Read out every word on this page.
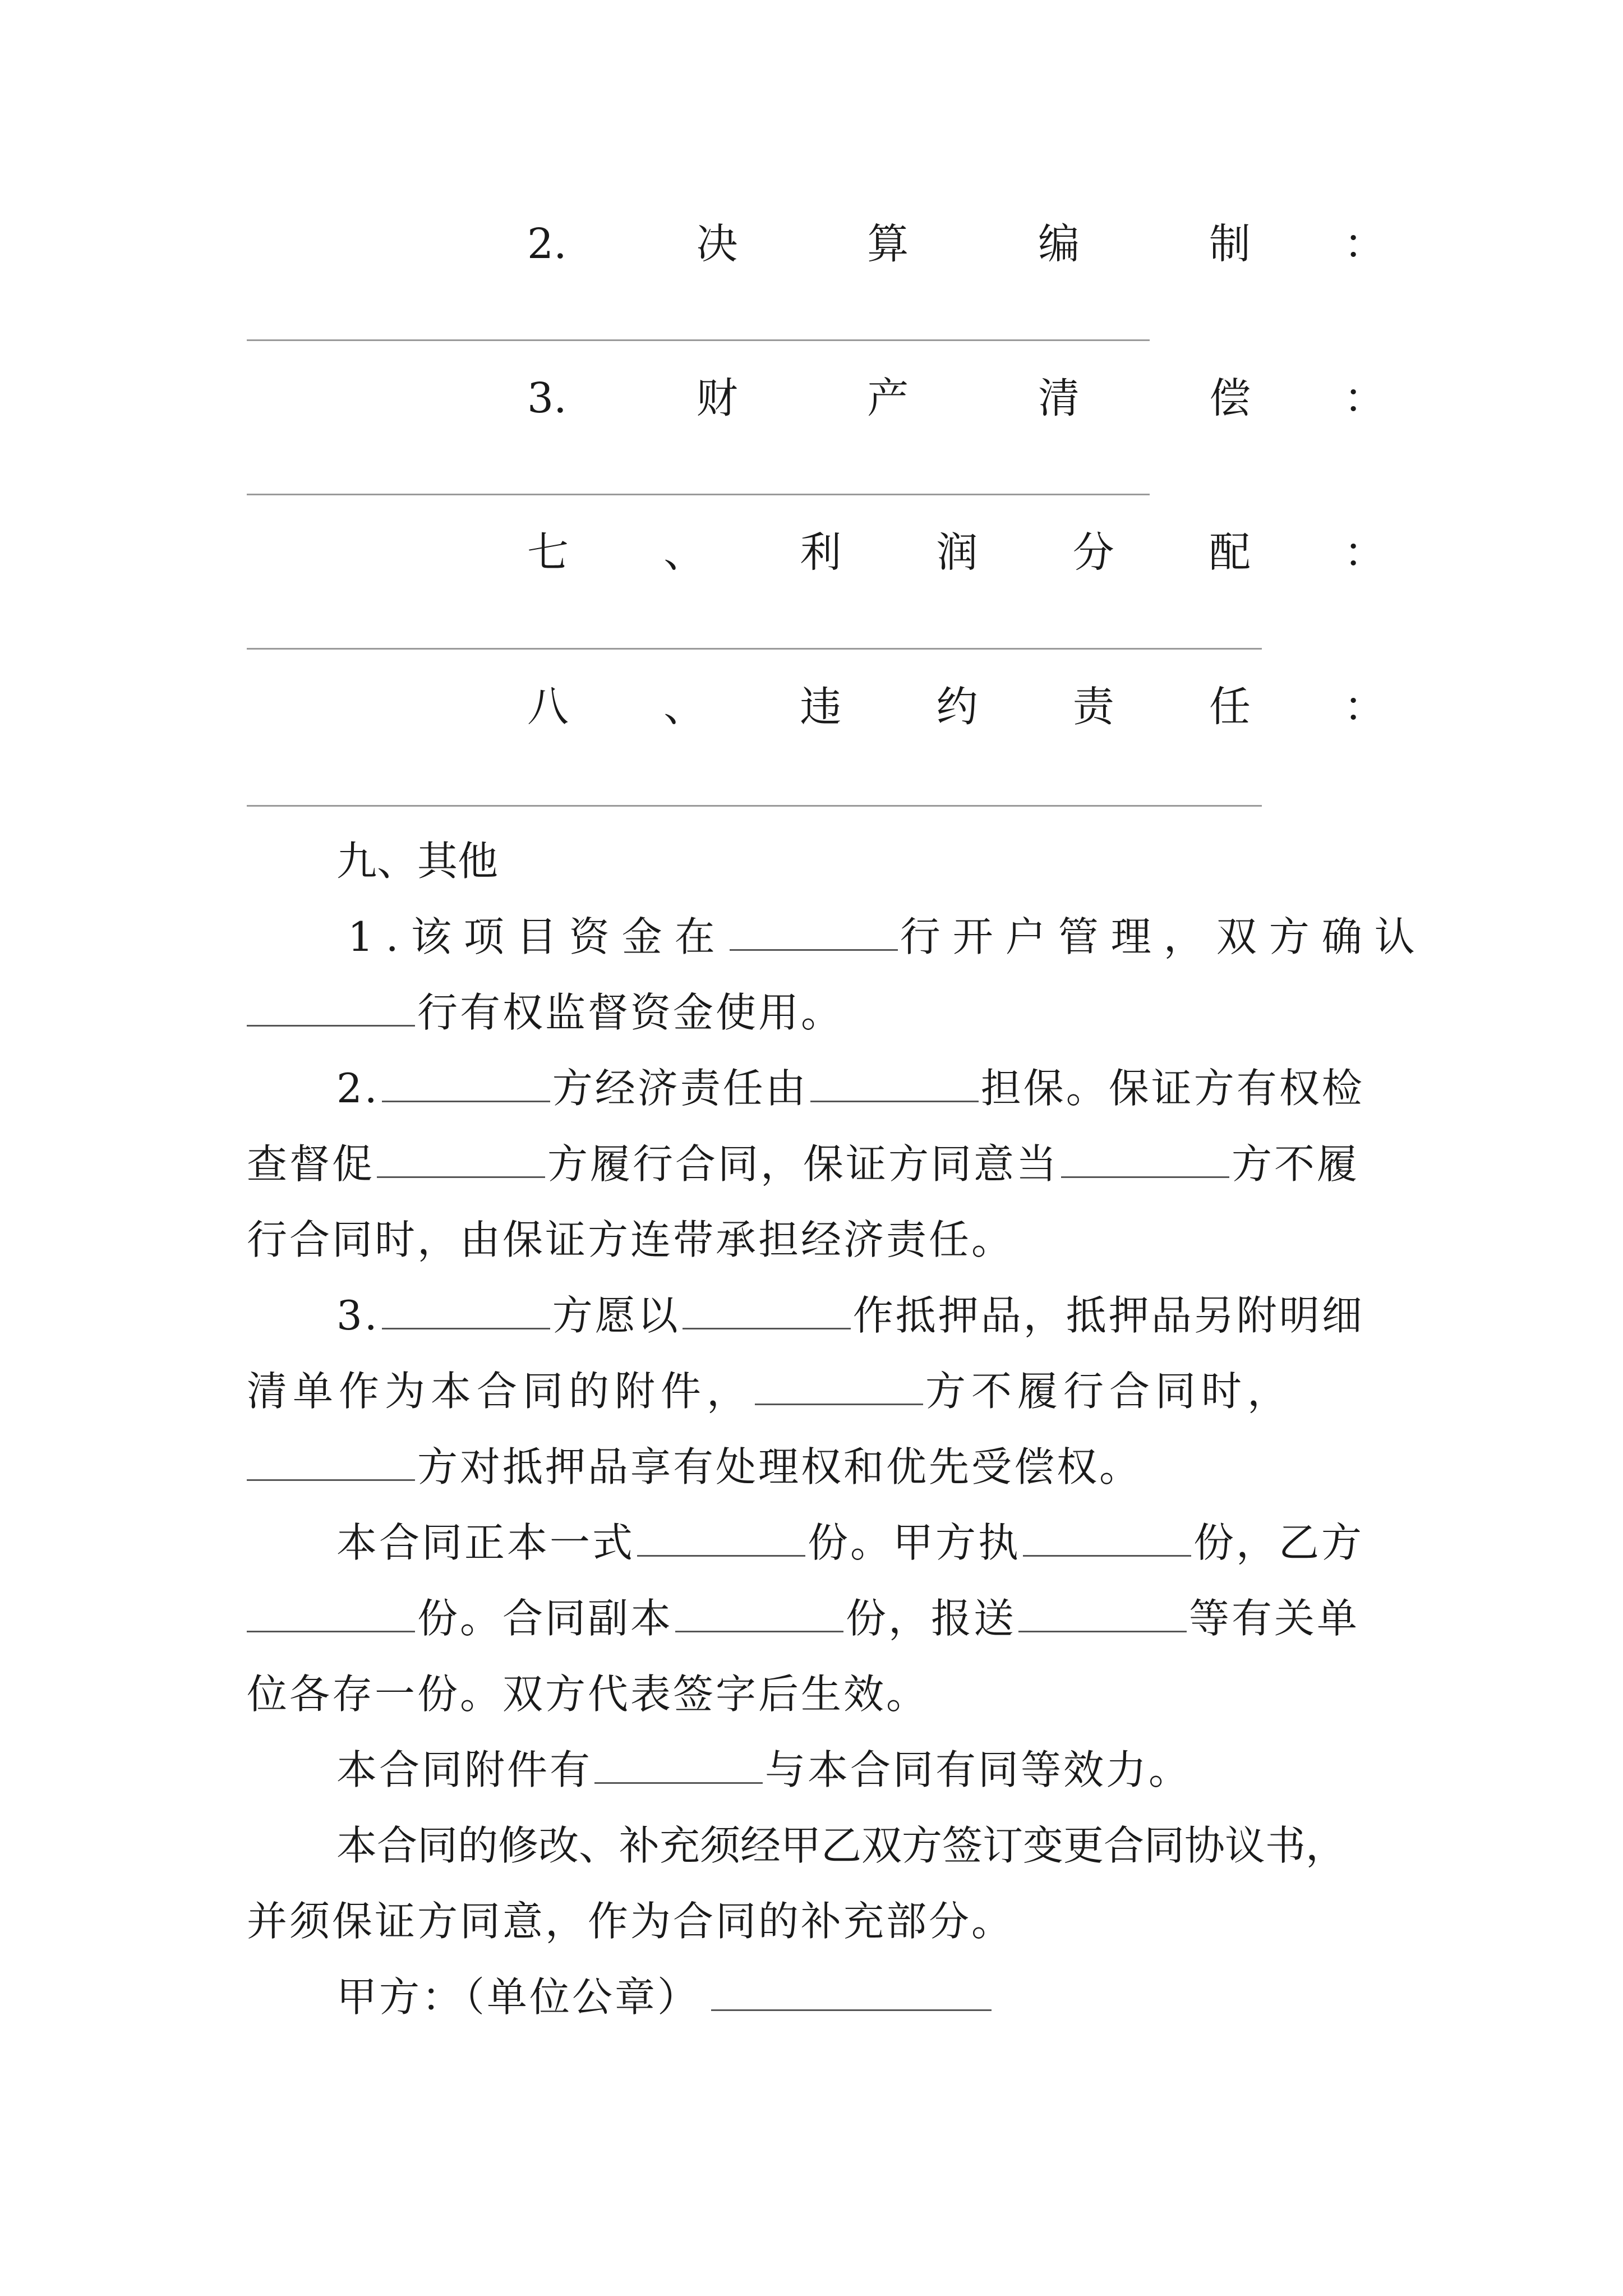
2.	决	算	编	制 ：
3.	财	产	清	偿 ：
七 、 利 润 分 配 ：
八 、 违 约 责 任 ：
九、其他
1.该项目资金在	行开户管理，双方确认
行有权监督资金使用。
2.	方经济责任由	担保。保证方有权检
查督促	方履行合同，保证方同意当	方不履
行合同时，由保证方连带承担经济责任。
3.	方愿以	作抵押品，抵押品另附明细
清单作为本合同的附件，	方不履行合同时，
方对抵押品享有处理权和优先受偿权。
本合同正本一式	份。甲方执	份，乙方
份。合同副本	份，报送	等有关单
位各存一份。双方代表签字后生效。
本合同附件有	与本合同有同等效力。
本合同的修改、补充须经甲乙双方签订变更合同协议书，
并须保证方同意，作为合同的补充部分。
甲方：（单位公章）
